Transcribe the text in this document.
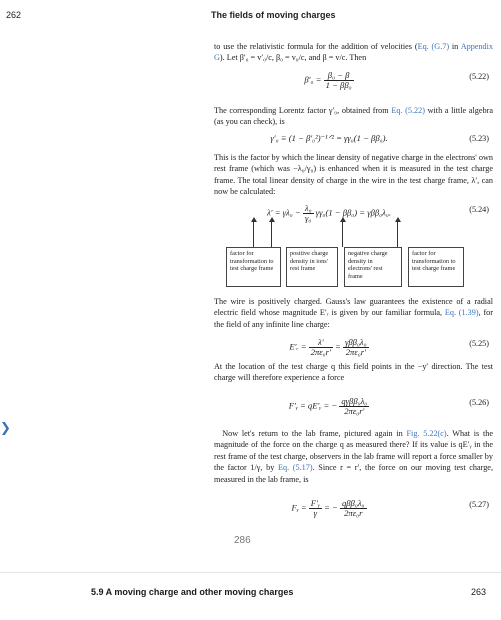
262	The fields of moving charges
to use the relativistic formula for the addition of velocities (Eq. (G.7) in Appendix G). Let β′₀ = v′₀/c, β₀ = v₀/c, and β = v/c. Then
$\beta'_0 = \frac{\text{β₀ − β}}{\text{1 − ββ₀}}$	(5.22)
The corresponding Lorentz factor γ′₀, obtained from Eq. (5.22) with a little algebra (as you can check), is
γ′₀ ≡ (1 − β′₀²)⁻¹ᐟ² = γγ₀(1 − ββ₀).	(5.23)
This is the factor by which the linear density of negative charge in the electrons' own rest frame (which was −λ₀/γ₀) is enhanced when it is measured in the test charge frame. The total linear density of charge in the wire in the test charge frame, λ′, can now be calculated:
$\lambda' = \gamma\lambda_0 - \frac{\text{λ₀}}{\text{γ₀}} \gamma\gamma_0(1 - \beta\beta_0) = \gamma\beta\beta_0\lambda_0$.	(5.24)
factor for transformation to test charge frame
positive charge density in ions' rest frame
negative charge density in electrons' rest frame
factor for transformation to test charge frame
The wire is positively charged. Gauss's law guarantees the existence of a radial electric field whose magnitude E′ᵣ is given by our familiar formula, Eq. (1.39), for the field of any infinite line charge:
E′ᵣ = $\frac{\lambda'}{\text{2πε₀r′}} = \frac{\text{γββ₀λ₀}}{\text{2πε₀r′}}$	(5.25)
At the location of the test charge q this field points in the −y′ direction. The test charge will therefore experience a force
F′ᵧ = qE′ᵧ = − $\frac{\text{qγββ₀λ₀}}{\text{2πε₀r′}}$	(5.26)
 Now let's return to the lab frame, pictured again in Fig. 5.22(c). What is the magnitude of the force on the charge q as measured there? If its value is qE′ᵧ in the rest frame of the test charge, observers in the lab frame will report a force smaller by the factor 1/γ, by Eq. (5.17). Since r = r′, the force on our moving test charge, measured in the lab frame, is
Fᵧ = $\frac{\text{F′ᵧ}}{\gamma}$ = − $\frac{\text{qββ₀λ₀}}{\text{2πε₀r}}$	(5.27)
❯
286
5.9 A moving charge and other moving charges	263
